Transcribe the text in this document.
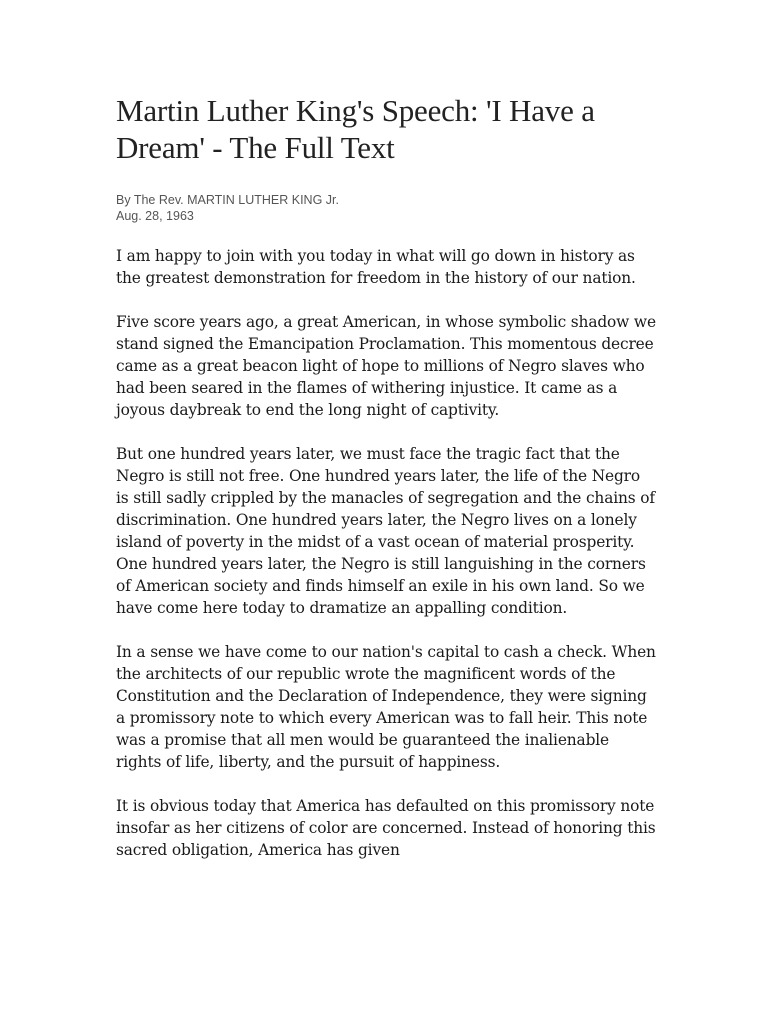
Martin Luther King's Speech: 'I Have a Dream' - The Full Text
By The Rev. MARTIN LUTHER KING Jr.
Aug. 28, 1963

I am happy to join with you today in what will go down in history as the greatest demonstration for freedom in the history of our nation.

Five score years ago, a great American, in whose symbolic shadow we stand signed the Emancipation Proclamation. This momentous decree came as a great beacon light of hope to millions of Negro slaves who had been seared in the flames of withering injustice. It came as a joyous daybreak to end the long night of captivity.

But one hundred years later, we must face the tragic fact that the Negro is still not free. One hundred years later, the life of the Negro is still sadly crippled by the manacles of segregation and the chains of discrimination. One hundred years later, the Negro lives on a lonely island of poverty in the midst of a vast ocean of material prosperity. One hundred years later, the Negro is still languishing in the corners of American society and finds himself an exile in his own land. So we have come here today to dramatize an appalling condition.

In a sense we have come to our nation's capital to cash a check. When the architects of our republic wrote the magnificent words of the Constitution and the Declaration of Independence, they were signing a promissory note to which every American was to fall heir. This note was a promise that all men would be guaranteed the inalienable rights of life, liberty, and the pursuit of happiness.

It is obvious today that America has defaulted on this promissory note insofar as her citizens of color are concerned. Instead of honoring this sacred obligation, America has given
